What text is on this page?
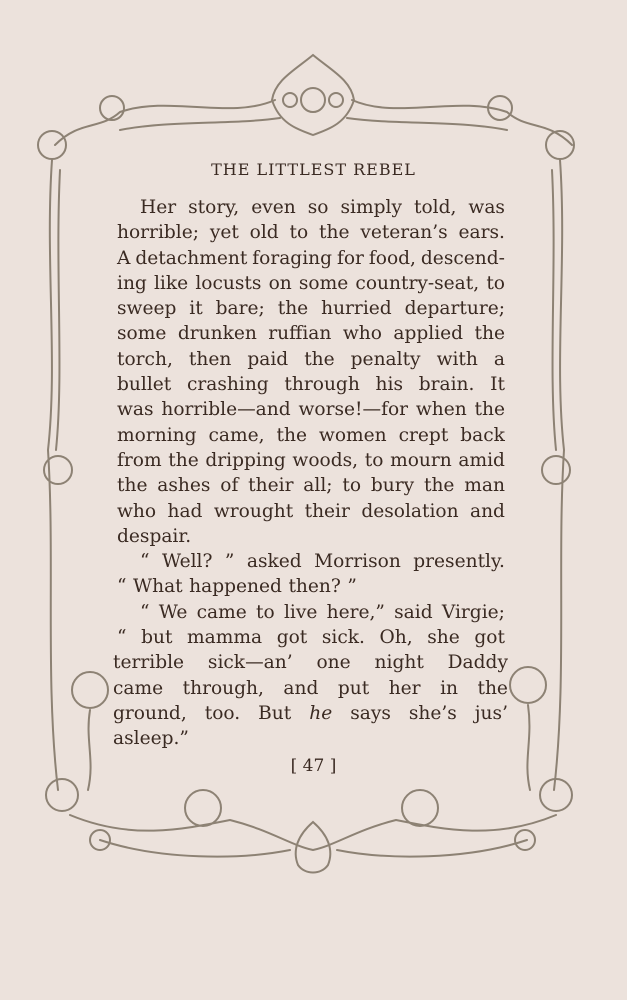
THE LITTLEST REBEL
Her story, even so simply told, was
horrible; yet old to the veteran’s ears.
A detachment foraging for food, descend-
ing like locusts on some country-seat, to
sweep it bare; the hurried departure;
some drunken ruffian who applied the
torch, then paid the penalty with a
bullet crashing through his brain. It
was horrible—and worse!—for when the
morning came, the women crept back
from the dripping woods, to mourn amid
the ashes of their all; to bury the man
who had wrought their desolation and
despair.
“ Well? ” asked Morrison presently.
“ What happened then? ”
“ We came to live here,” said Virgie;
“ but mamma got sick. Oh, she got
terrible sick—an’ one night Daddy
came through, and put her in the
ground, too. But he says she’s jus’
asleep.”
[ 47 ]
